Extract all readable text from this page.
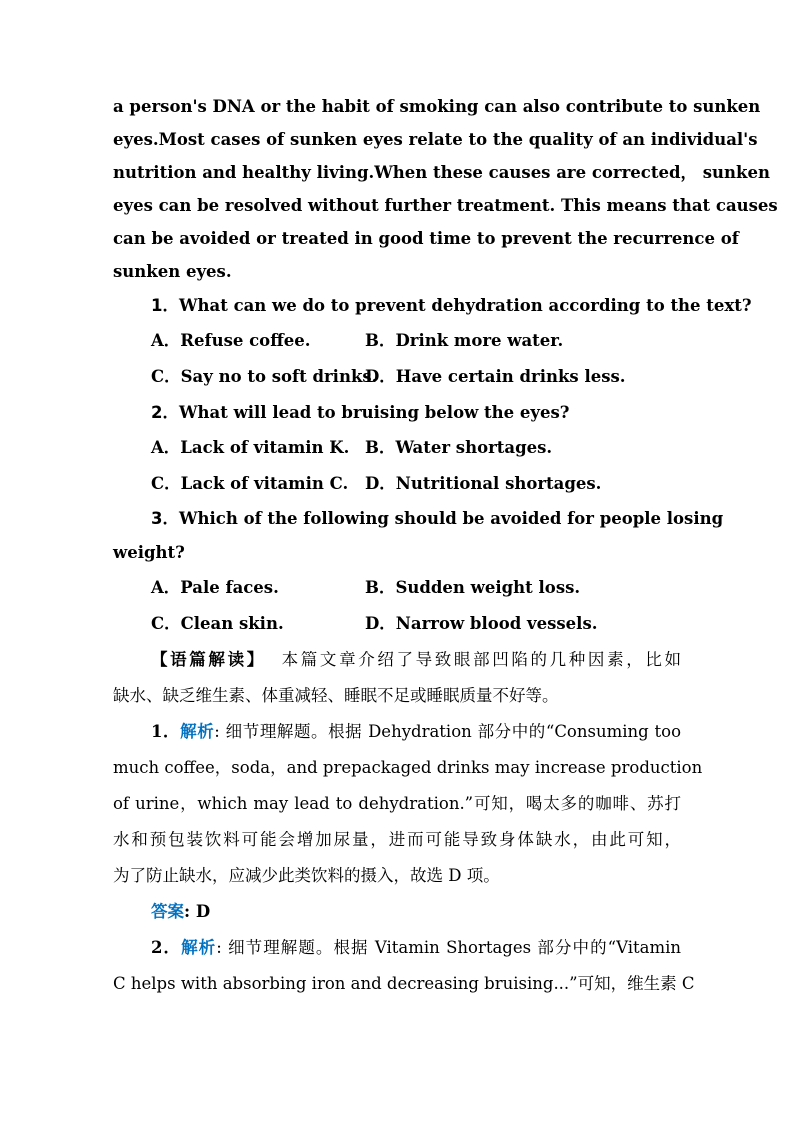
a person's DNA or the habit of smoking can also contribute to sunken
eyes.Most cases of sunken eyes relate to the quality of an individual's
nutrition and healthy living.When these causes are corrected， sunken
eyes can be resolved without further treatment. This means that causes
can be avoided or treated in good time to prevent the recurrence of
sunken eyes.

1．What can we do to prevent dehydration according to the text?

A．Refuse coffee.	B．Drink more water.
C．Say no to soft drinks.D．Have certain drinks less.

2．What will lead to bruising below the eyes?

A．Lack of vitamin K. B．Water shortages.
C．Lack of vitamin C. D．Nutritional shortages.

3．Which of the following should be avoided for people losing
weight?

A．Pale faces.	B．Sudden weight loss.
C．Clean skin.	D．Narrow blood vessels.

【语篇解读】 本篇文章介绍了导致眼部凹陷的几种因素，比如
缺水、缺乏维生素、体重减轻、睡眠不足或睡眠质量不好等。

1．解析: 细节理解题。根据 Dehydration 部分中的“Consuming too
much coffee，soda，and prepackaged drinks may increase production
of urine，which may lead to dehydration.”可知，喝太多的咖啡、苏打
水和预包装饮料可能会增加尿量，进而可能导致身体缺水，由此可知，
为了防止缺水，应减少此类饮料的摄入，故选 D 项。

答案: D

2．解析: 细节理解题。根据 Vitamin Shortages 部分中的“Vitamin
C helps with absorbing iron and decreasing bruising...”可知，维生素 C
